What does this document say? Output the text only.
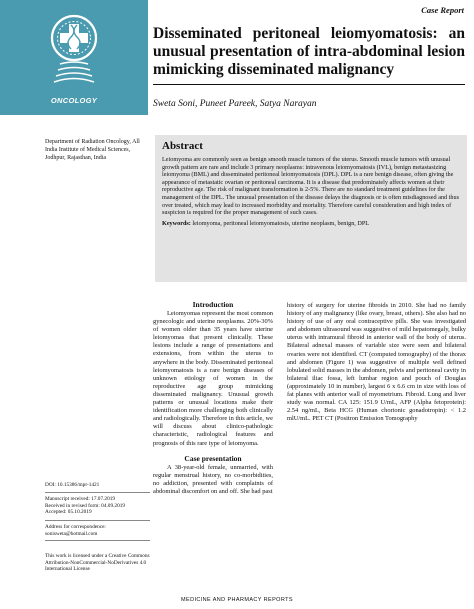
Case Report
ONCOLOGY
Disseminated peritoneal leiomyomatosis: an unusual presentation of intra-abdominal lesion mimicking disseminated malignancy
Sweta Soni, Puneet Pareek, Satya Narayan
Department of Radiation Oncology, All India Institute of Medical Sciences, Jodhpur, Rajasthan, India
Abstract
Leiomyoma are commonly seen as benign smooth muscle tumors of the uterus. Smooth muscle tumors with unusual growth pattern are rare and include 3 primary neoplasms: intravenous leiomyomatosis (IVL), benign metastasizing leiomyoma (BML) and disseminated peritoneal leiomyomatosis (DPL). DPL is a rare benign disease, often giving the appearance of metastatic ovarian or peritoneal carcinoma. It is a disease that predominately affects women at their reproductive age. The risk of malignant transformation is 2-5%. There are no standard treatment guidelines for the management of the DPL. The unusual presentation of the disease delays the diagnosis or is often misdiagnosed and thus over treated, which may lead to increased morbidity and mortality. Therefore careful consideration and high index of suspicion is required for the proper management of such cases.
Keywords: leiomyoma, peritoneal leiomyomatosis, uterine neoplasm, benign, DPL
Introduction
Leiomyomas represent the most common gynecologic and uterine neoplasms. 20%-30% of women older than 35 years have uterine leiomyomas that present clinically. These lesions include a range of presentations and extensions, from within the uterus to anywhere in the body. Disseminated peritoneal leiomyomatosis is a rare benign diseases of unknown etiology of women in the reproductive age group mimicking disseminated malignancy. Unusual growth patterns or unusual locations make their identification more challenging both clinically and radiologically. Therefore in this article, we will discuss about clinico-pathologic characteristic, radiological features and prognosis of this rare type of leiomyoma.
Case presentation
A 38-year-old female, unmarried, with regular menstrual history, no co-morbidities, no addiction, presented with complaints of abdominal discomfort on and off. She had past
history of surgery for uterine fibroids in 2010. She had no family history of any malignancy (like ovary, breast, others). She also had no history of use of any oral contraceptive pills. She was investigated and abdomen ultrasound was suggestive of mild hepatomegaly, bulky uterus with intramural fibroid in anterior wall of the body of uterus. Bilateral adnexal masses of variable size were seen and bilateral ovaries were not identified. CT (computed tomography) of the thorax and abdomen (Figure 1) was suggestive of multiple well defined lobulated solid masses in the abdomen, pelvis and peritoneal cavity in bilateral iliac fossa, left lumbar region and pouch of Douglas (approximately 10 in number), largest 6 x 6.6 cm in size with loss of fat planes with anterior wall of myometrium. Fibroid. Lung and liver study was normal. CA 125: 151.9 U/mL, AFP (Alpha fetoprotein): 2.54 ng/mL, Beta HCG (Human chorionic gonadotropin): < 1.2 mlU/mL. PET CT (Positron Emission Tomography
DOI: 10.15386/mpr-1421
Manuscript received: 17.07.2019
Received in revised form: 04.09.2019
Accepted: 05.10.2019
Address for correspondence:
sonisweta@hotmail.com
This work is licensed under a Creative Commons Attribution-NonCommercial-NoDerivatives 4.0 International License
MEDICINE AND PHARMACY REPORTS
